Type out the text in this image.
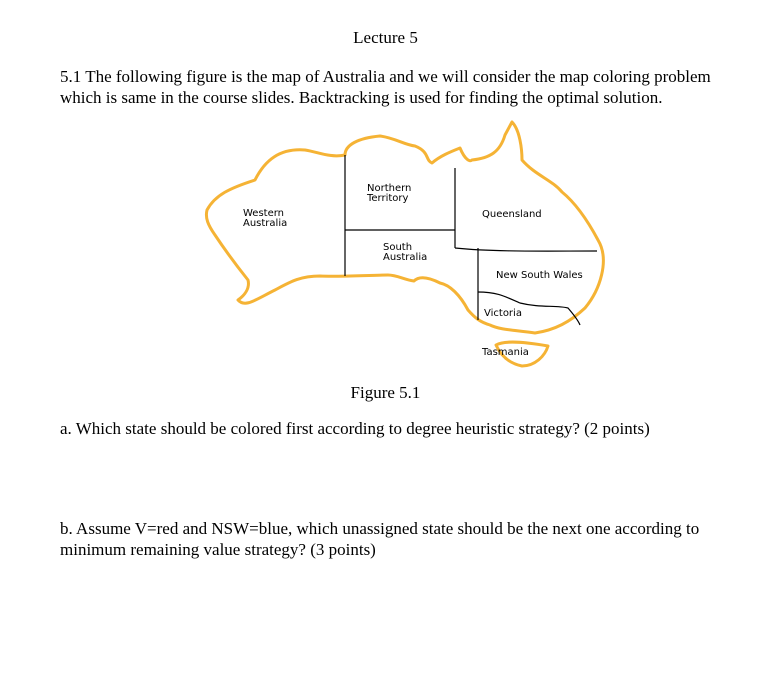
Lecture 5

5.1 The following figure is the map of Australia and we will consider the map coloring problem which is same in the course slides. Backtracking is used for finding the optimal solution.

Northern
Territory
Western
Australia
Queensland
South
Australia
New South Wales
Victoria
Tasmania
Figure 5.1

a. Which state should be colored first according to degree heuristic strategy? (2 points)

b. Assume V=red and NSW=blue, which unassigned state should be the next one according to minimum remaining value strategy? (3 points)
